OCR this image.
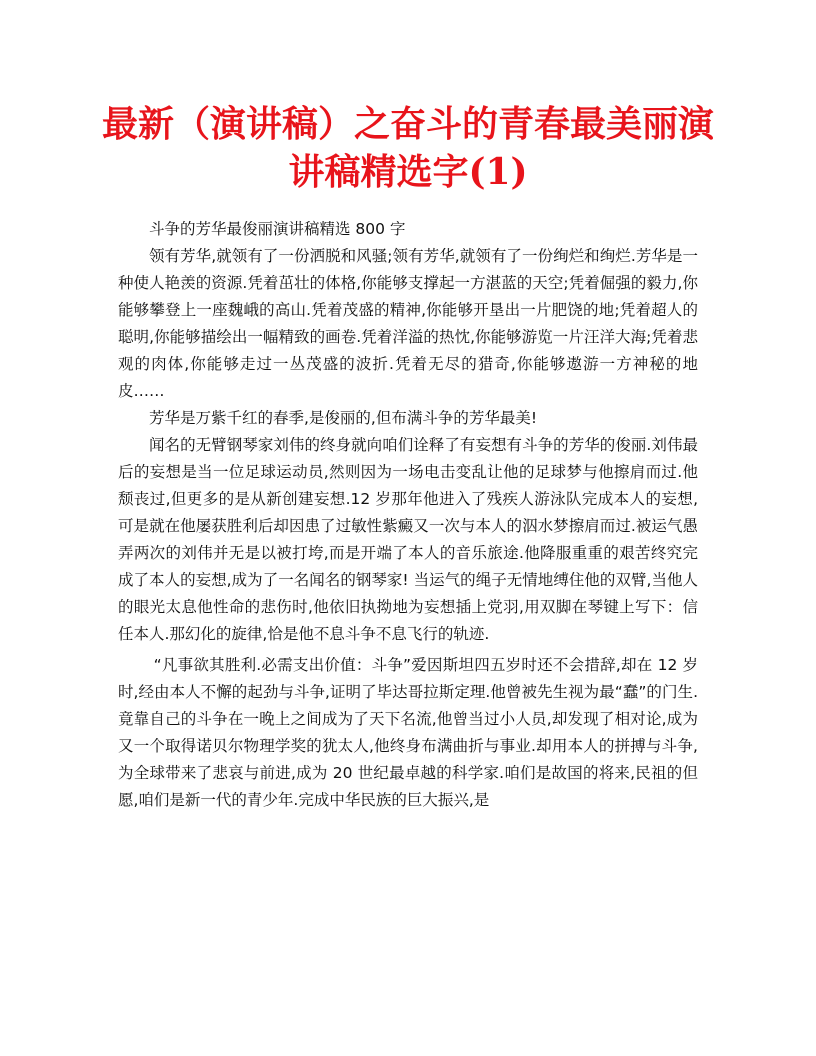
最新（演讲稿）之奋斗的青春最美丽演讲稿精选字(1)

斗争的芳华最俊丽演讲稿精选 800 字

领有芳华,就领有了一份洒脱和风骚;领有芳华,就领有了一份绚烂和绚烂.芳华是一种使人艳羡的资源.凭着茁壮的体格,你能够支撑起一方湛蓝的天空;凭着倔强的毅力,你能够攀登上一座魏峨的高山.凭着茂盛的精神,你能够开垦出一片肥饶的地;凭着超人的聪明,你能够描绘出一幅精致的画卷.凭着洋溢的热忱,你能够游览一片汪洋大海;凭着悲观的肉体,你能够走过一丛茂盛的波折.凭着无尽的猎奇,你能够遨游一方神秘的地皮……

芳华是万紫千红的春季,是俊丽的,但布满斗争的芳华最美!

闻名的无臂钢琴家刘伟的终身就向咱们诠释了有妄想有斗争的芳华的俊丽.刘伟最后的妄想是当一位足球运动员,然则因为一场电击变乱让他的足球梦与他擦肩而过.他颓丧过,但更多的是从新创建妄想.12 岁那年他进入了残疾人游泳队完成本人的妄想,可是就在他屡获胜利后却因患了过敏性紫癜又一次与本人的泅水梦擦肩而过.被运气愚弄两次的刘伟并无是以被打垮,而是开端了本人的音乐旅途.他降服重重的艰苦终究完成了本人的妄想,成为了一名闻名的钢琴家! 当运气的绳子无情地缚住他的双臂,当他人的眼光太息他性命的悲伤时,他依旧执拗地为妄想插上党羽,用双脚在琴键上写下：信任本人.那幻化的旋律,恰是他不息斗争不息飞行的轨迹.

“凡事欲其胜利.必需支出价值：斗争”爱因斯坦四五岁时还不会措辞,却在 12 岁时,经由本人不懈的起劲与斗争,证明了毕达哥拉斯定理.他曾被先生视为最“蠢”的门生.竟靠自己的斗争在一晚上之间成为了天下名流,他曾当过小人员,却发现了相对论,成为又一个取得诺贝尔物理学奖的犹太人,他终身布满曲折与事业.却用本人的拼搏与斗争,为全球带来了悲哀与前进,成为 20 世纪最卓越的科学家.咱们是故国的将来,民祖的但愿,咱们是新一代的青少年.完成中华民族的巨大振兴,是
